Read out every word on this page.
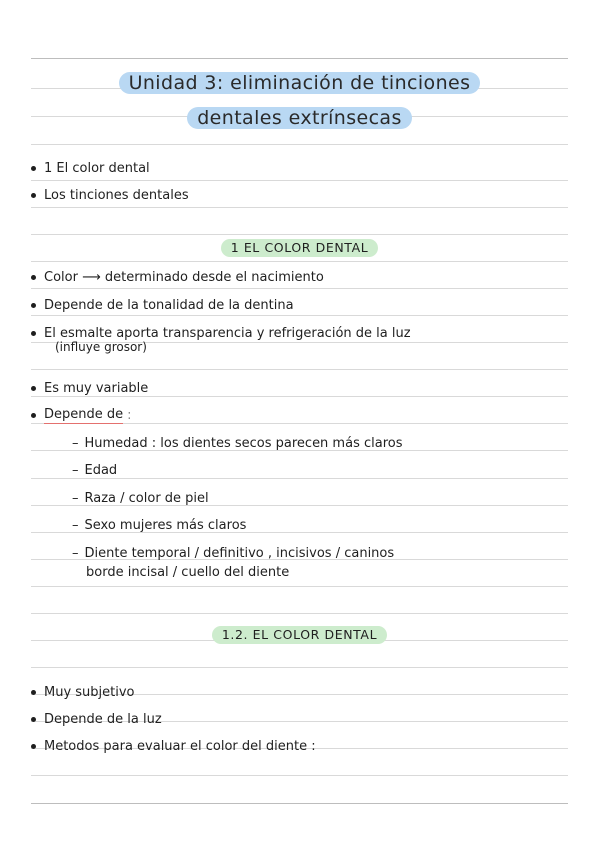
Unidad 3: eliminación de tinciones
dentales extrínsecas
1 El color dental
Los tinciones dentales
1 EL COLOR DENTAL
Color ⟶ determinado desde el nacimiento
Depende de la tonalidad de la dentina
El esmalte aporta transparencia y refrigeración de la luz
(influye grosor)
Es muy variable
Depende de :
– Humedad : los dientes secos parecen más claros
– Edad
– Raza / color de piel
– Sexo mujeres más claros
– Diente temporal / definitivo , incisivos / caninos
borde incisal / cuello del diente
1.2. EL COLOR DENTAL
Muy subjetivo
Depende de la luz
Metodos para evaluar el color del diente :
